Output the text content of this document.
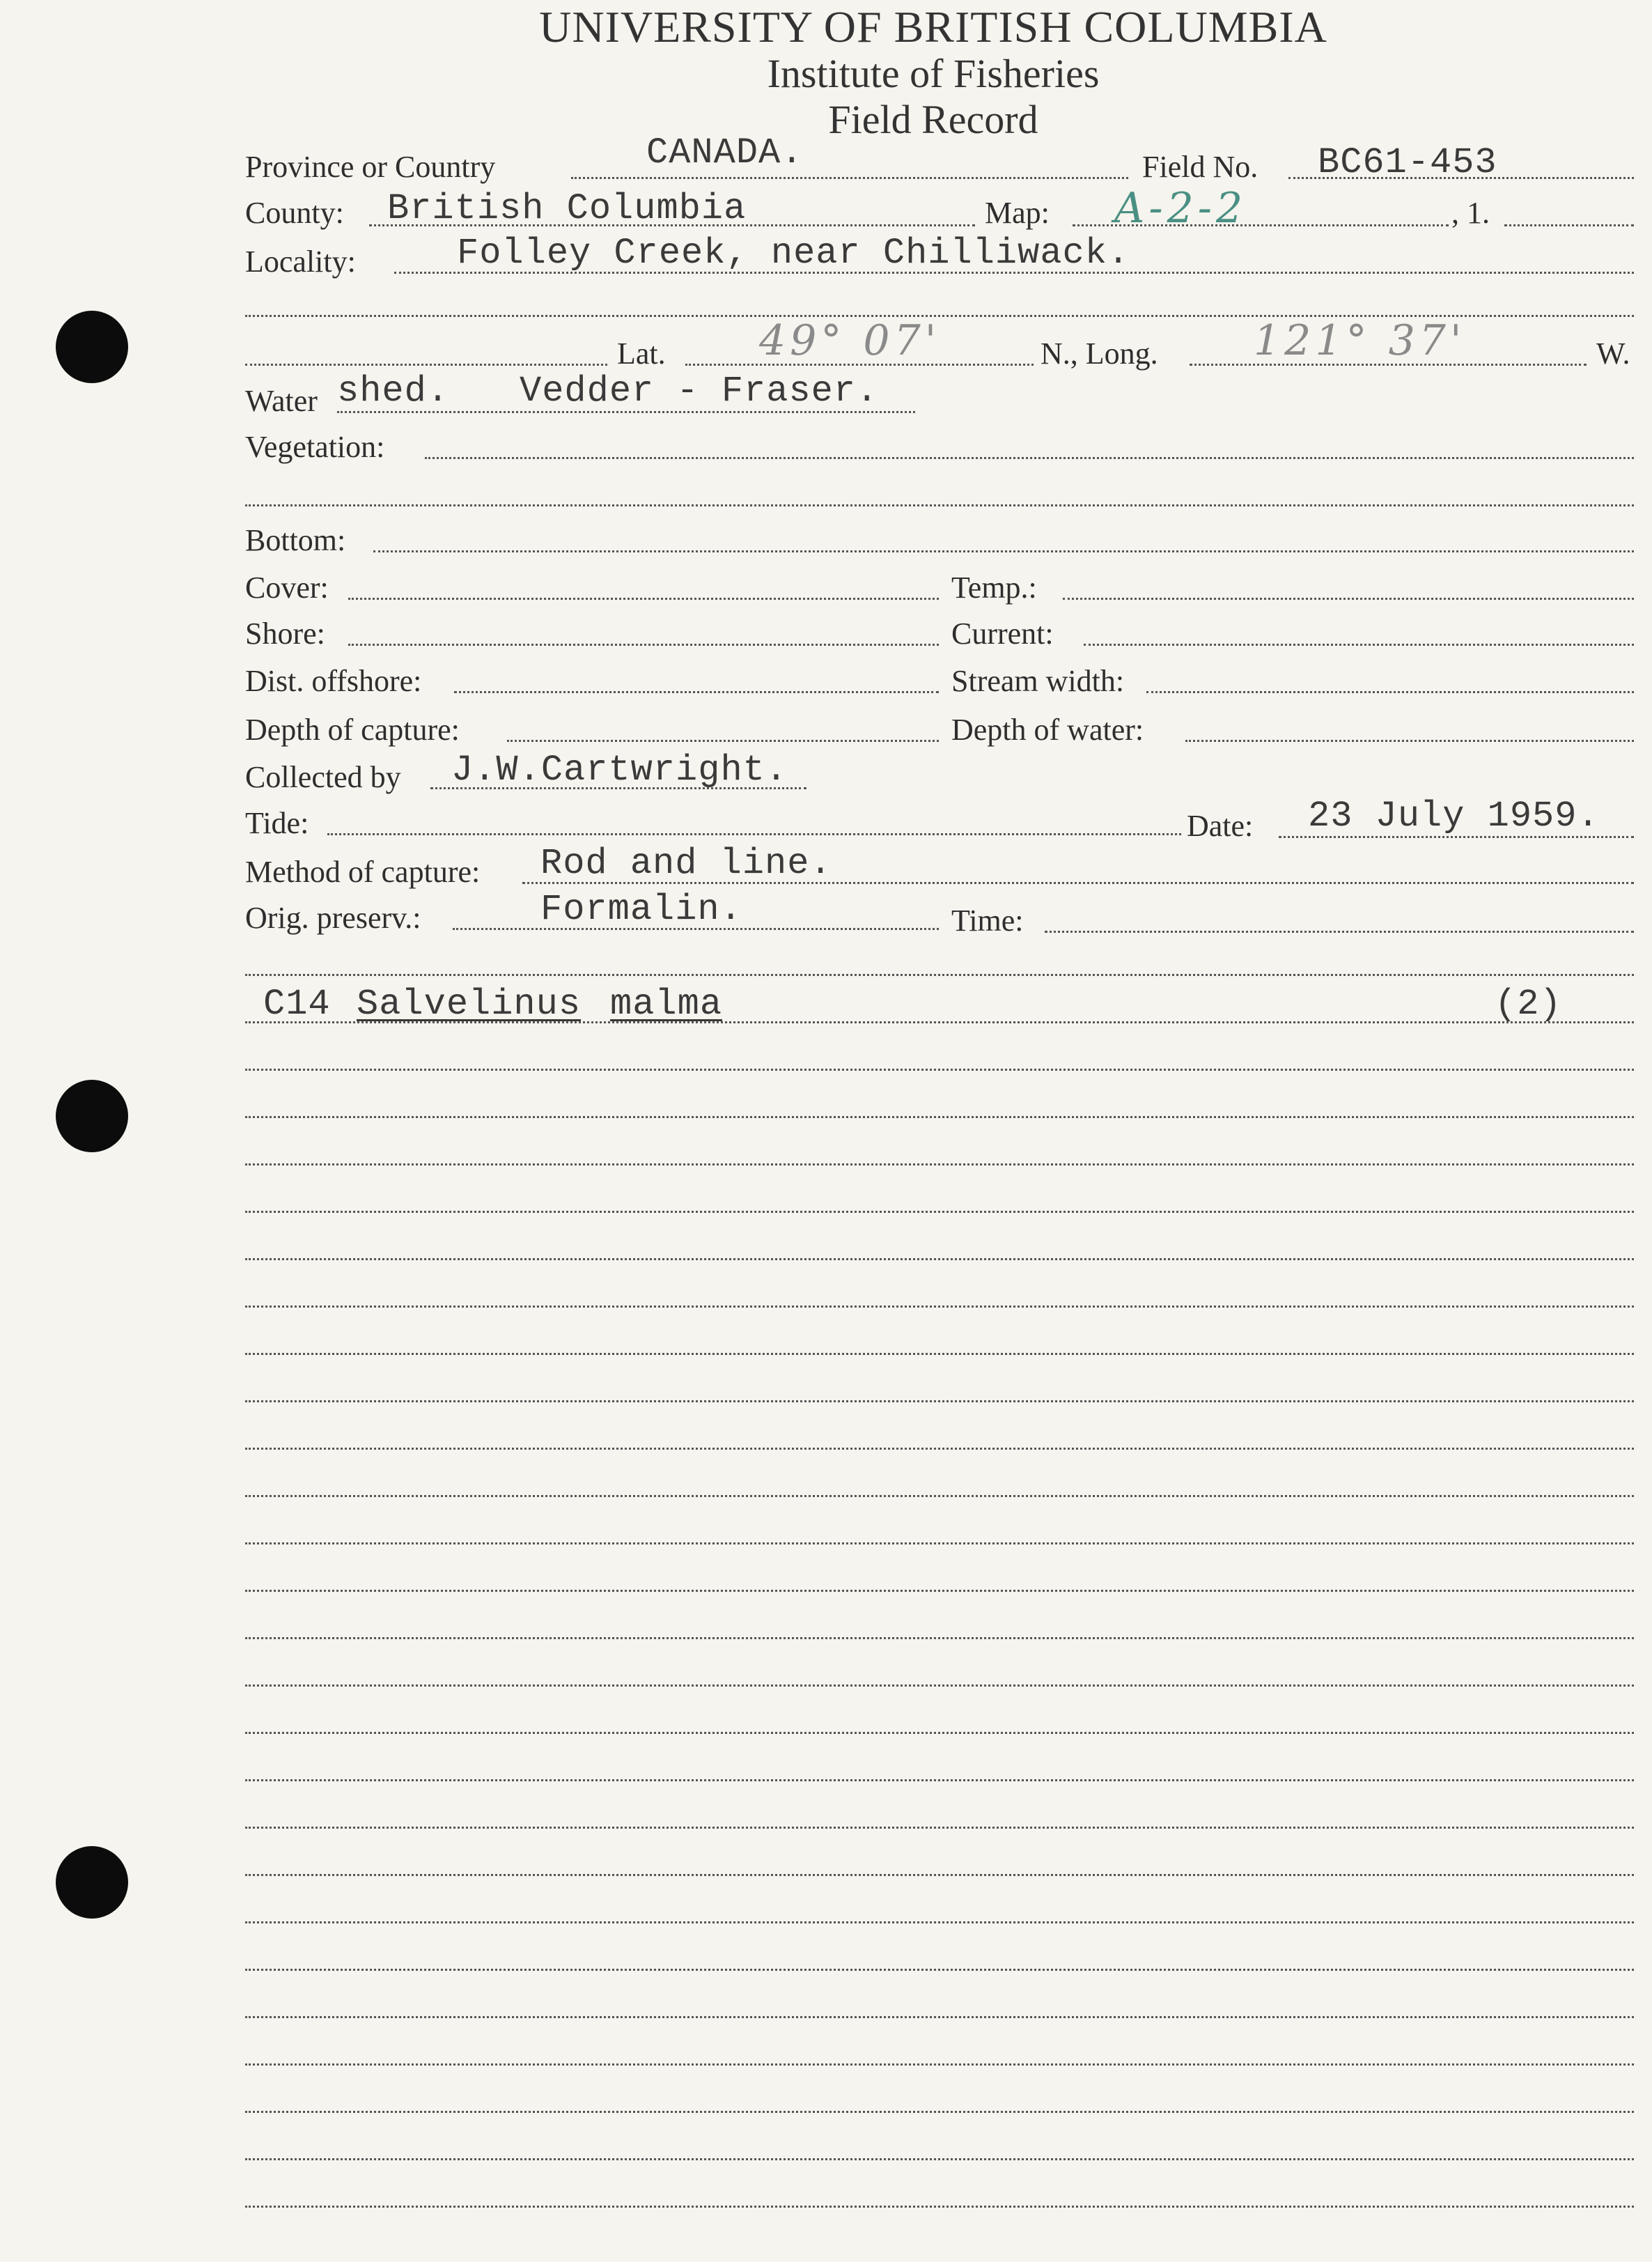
UNIVERSITY OF BRITISH COLUMBIA
Institute of Fisheries
Field Record
Province or Country	CANADA.	Field No. BC61-453
County: British Columbia	Map: A-2-2	, 1.
Locality:	Folley Creek, near Chilliwack.
Lat. 49° 07'	N., Long. 121° 37'	W.
Water shed. Vedder - Fraser.
Vegetation:
Bottom:
Cover:	Temp.:
Shore:	Current:
Dist. offshore:	Stream width:
Depth of capture:	Depth of water:
Collected by J.W.Cartwright.
Tide:	Date: 23 July 1959.
Method of capture: Rod and line.
Orig. preserv.:	Formalin.	Time:
C14 Salvelinus malma	(2)
